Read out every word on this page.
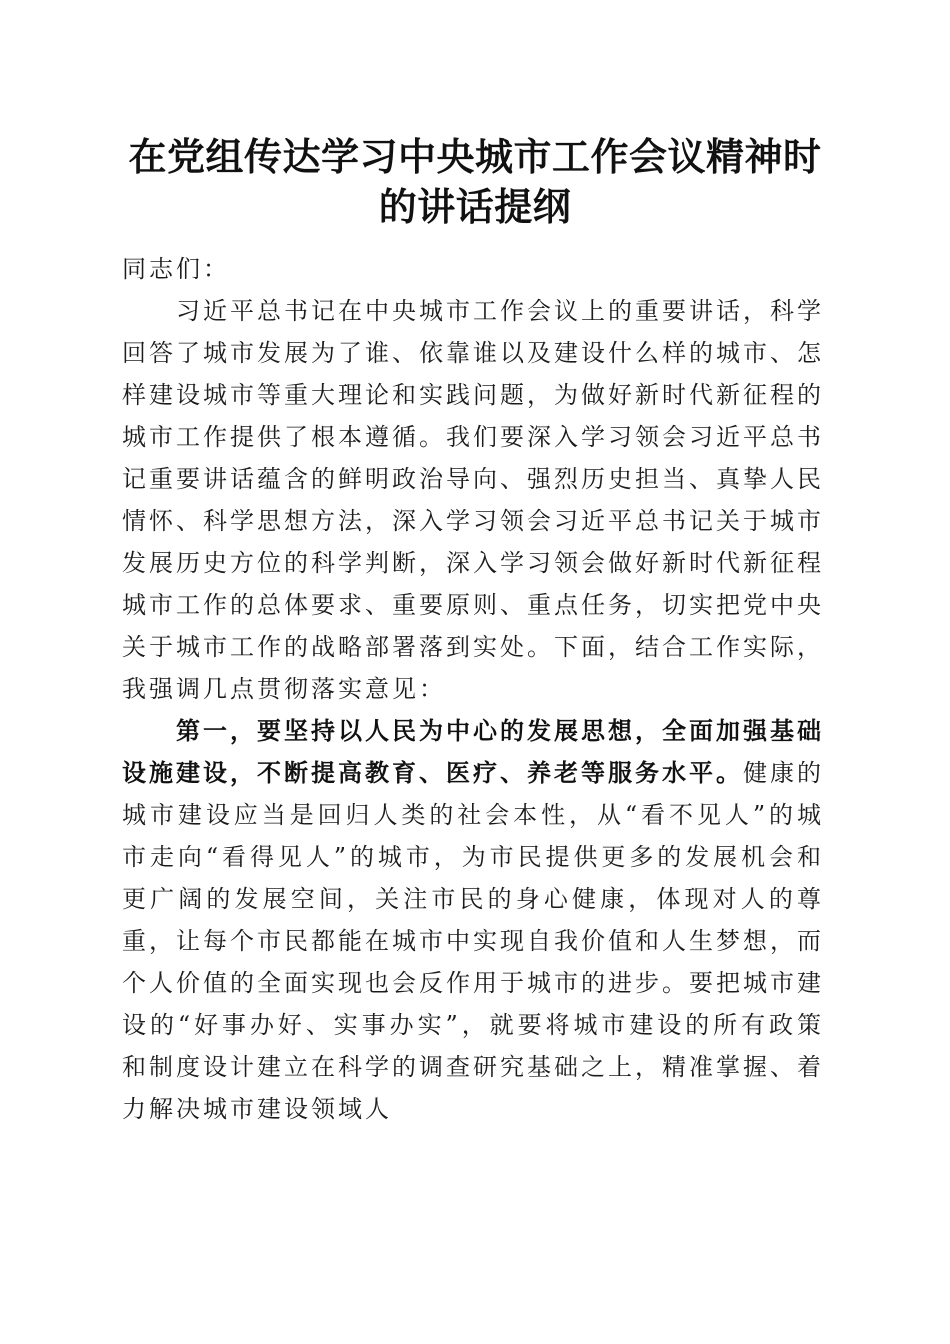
在党组传达学习中央城市工作会议精神时的讲话提纲

同志们：

习近平总书记在中央城市工作会议上的重要讲话，科学回答了城市发展为了谁、依靠谁以及建设什么样的城市、怎样建设城市等重大理论和实践问题，为做好新时代新征程的城市工作提供了根本遵循。我们要深入学习领会习近平总书记重要讲话蕴含的鲜明政治导向、强烈历史担当、真挚人民情怀、科学思想方法，深入学习领会习近平总书记关于城市发展历史方位的科学判断，深入学习领会做好新时代新征程城市工作的总体要求、重要原则、重点任务，切实把党中央关于城市工作的战略部署落到实处。下面，结合工作实际，我强调几点贯彻落实意见：

第一，要坚持以人民为中心的发展思想，全面加强基础设施建设，不断提高教育、医疗、养老等服务水平。健康的城市建设应当是回归人类的社会本性，从“看不见人”的城市走向“看得见人”的城市，为市民提供更多的发展机会和更广阔的发展空间，关注市民的身心健康，体现对人的尊重，让每个市民都能在城市中实现自我价值和人生梦想，而个人价值的全面实现也会反作用于城市的进步。要把城市建设的“好事办好、实事办实”，就要将城市建设的所有政策和制度设计建立在科学的调查研究基础之上，精准掌握、着力解决城市建设领域人
